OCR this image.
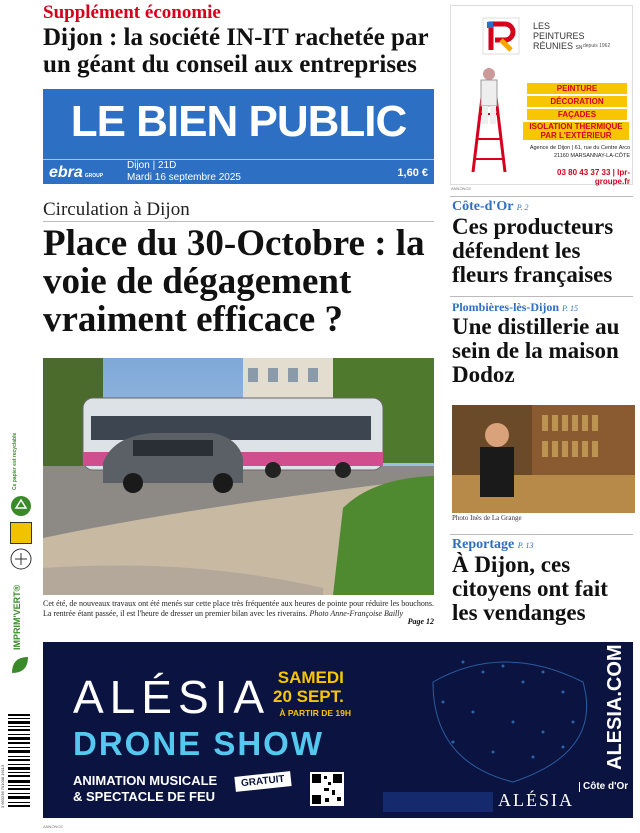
Supplément économie
Dijon : la société IN-IT rachetée par un géant du conseil aux entreprises
LE BIEN PUBLIC
ebra GROUP
Dijon | 21D
Mardi 16 septembre 2025	1,60 €
LES
PEINTURES
RÉUNIES SN depuis 1962
PEINTURE
DÉCORATION
FAÇADES
ISOLATION THERMIQUE
PAR L'EXTÉRIEUR
Agence de Dijon | 61, rue du Centre Arco
21160 MARSANNAY-LA-CÔTE
03 80 43 37 33 | lpr-groupe.fr
ANNONCE
Circulation à Dijon
Place du 30-Octobre : la voie de dégagement vraiment efficace ?
Cet été, de nouveaux travaux ont été menés sur cette place très fréquentée aux heures de pointe pour réduire les bouchons. La rentrée étant passée, il est l'heure de dresser un premier bilan avec les riverains. Photo Anne-Françoise Bailly
Page 12
Ce papier est recyclable
IMPRIM'VERT®
3 663236 701008 19113
Côte-d'Or P. 2
Ces producteurs défendent les fleurs françaises
Plombières-lès-Dijon P. 15
Une distillerie au sein de la maison Dodoz
Photo Inès de La Grange
Reportage P. 13
À Dijon, ces citoyens ont fait les vendanges
ALÉSIA
DRONE SHOW
SAMEDI
20 SEPT.
À PARTIR DE 19H
ANIMATION MUSICALE
& SPECTACLE DE FEU
GRATUIT
ALÉSIA
Côte d'Or
ALESIA.COM
ANNONCE
